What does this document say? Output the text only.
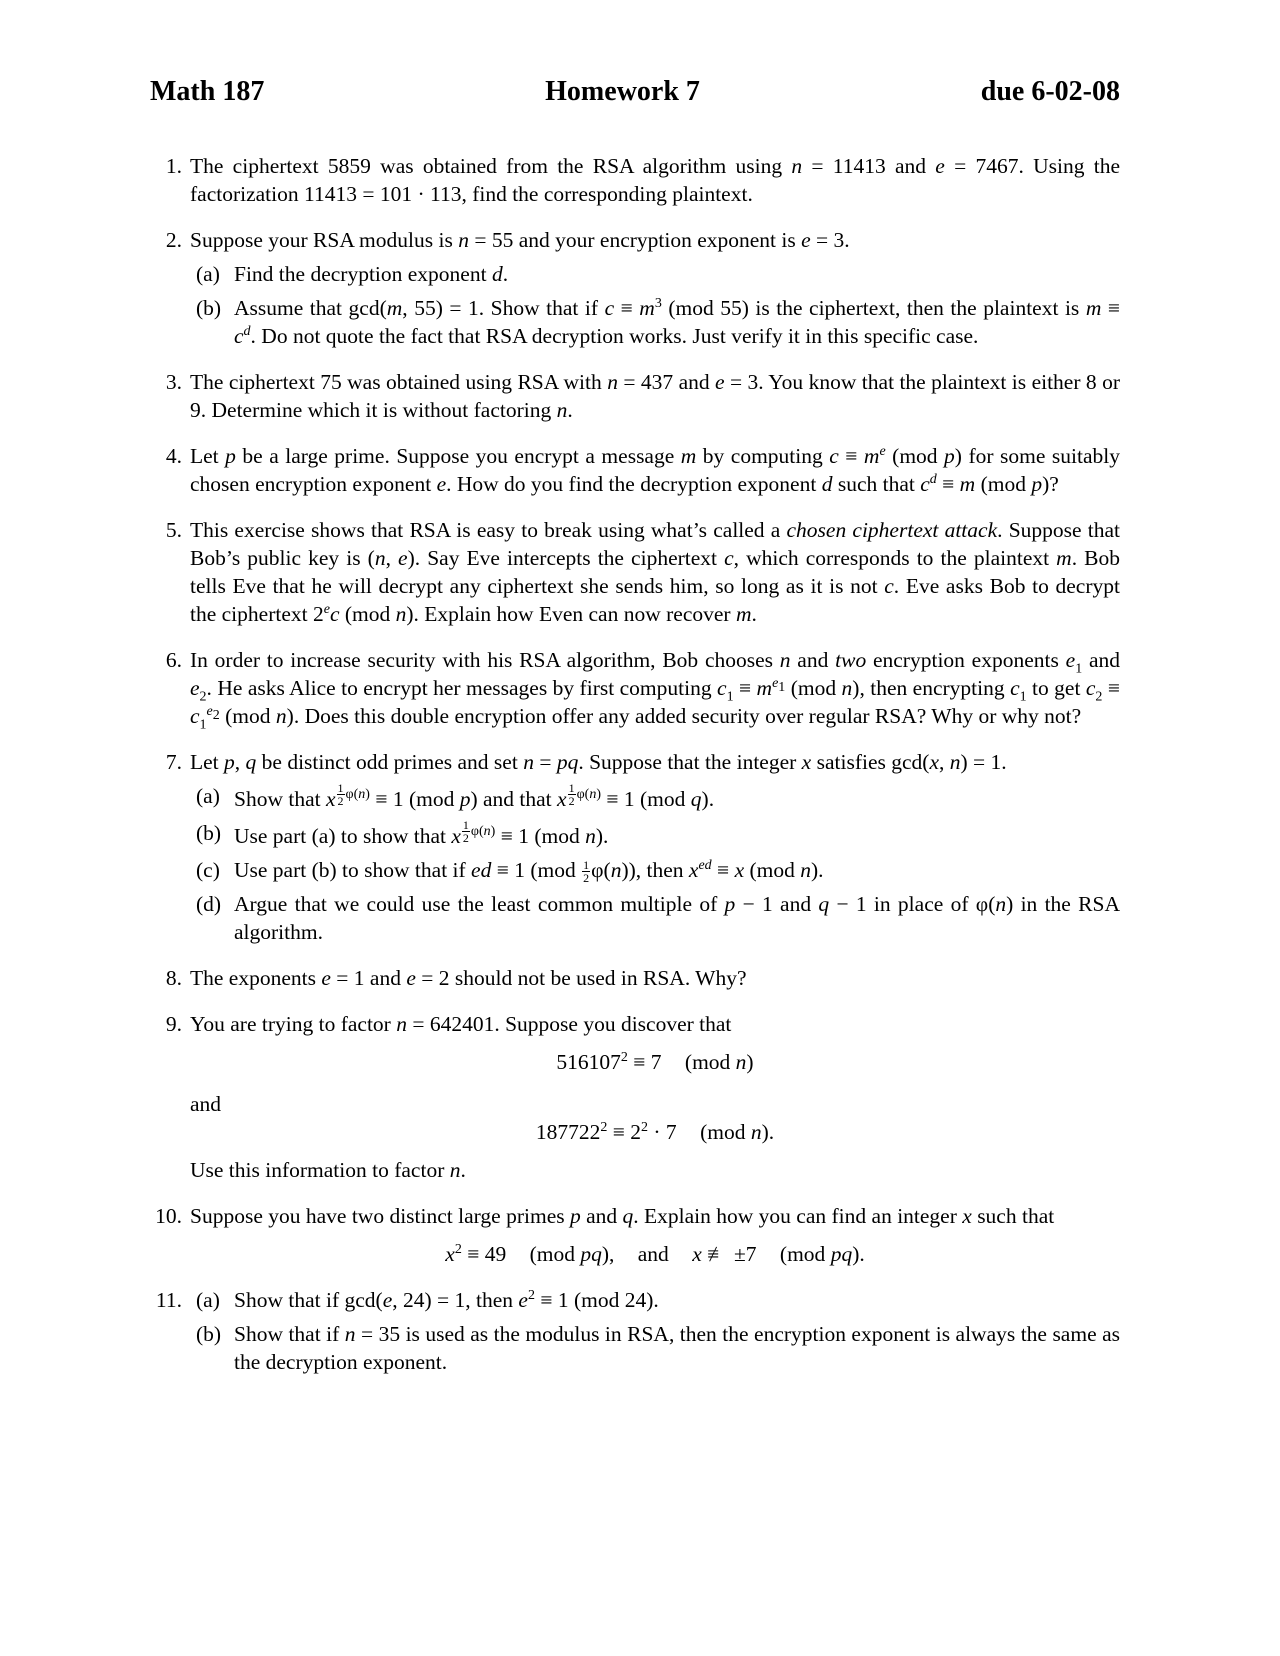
Math 187	Homework 7	due 6-02-08
1. The ciphertext 5859 was obtained from the RSA algorithm using n = 11413 and e = 7467. Using the factorization 11413 = 101 · 113, find the corresponding plaintext.
2. Suppose your RSA modulus is n = 55 and your encryption exponent is e = 3.
(a) Find the decryption exponent d.
(b) Assume that gcd(m, 55) = 1. Show that if $c \equiv m^3$ (mod 55) is the ciphertext, then the plaintext is $m \equiv c^d$. Do not quote the fact that RSA decryption works. Just verify it in this specific case.
3. The ciphertext 75 was obtained using RSA with n = 437 and e = 3. You know that the plaintext is either 8 or 9. Determine which it is without factoring n.
4. Let p be a large prime. Suppose you encrypt a message m by computing $c \equiv m^e$ (mod p) for some suitably chosen encryption exponent e. How do you find the decryption exponent d such that $c^d \equiv m$ (mod p)?
5. This exercise shows that RSA is easy to break using what’s called a chosen ciphertext attack. Suppose that Bob’s public key is (n, e). Say Eve intercepts the ciphertext c, which corresponds to the plaintext m. Bob tells Eve that he will decrypt any ciphertext she sends him, so long as it is not c. Eve asks Bob to decrypt the ciphertext 2ec (mod n). Explain how Even can now recover m.
6. In order to increase security with his RSA algorithm, Bob chooses n and two encryption exponents $e_1$ and $e_2$. He asks Alice to encrypt her messages by first computing $c_1 \equiv m^{e_1}$ (mod n), then encrypting $c_1$ to get $c_2 \equiv c_1^{e_2}$ (mod n). Does this double encryption offer any added security over regular RSA? Why or why not?
7. Let p, q be distinct odd primes and set n = pq. Suppose that the integer x satisfies gcd(x, n) = 1.
(a) Show that x $^{\frac{1}{2} \varphi(n)}$ ≡ 1 (mod p) and that x $^{\frac{1}{2} \varphi(n)}$ ≡ 1 (mod q).
(b) Use part (a) to show that x $^{\frac{1}{2} \varphi(n)}$ ≡ 1 (mod n).
(c) Use part (b) to show that if ed ≡ 1 $(mod \frac{1}{2} \varphi(n))$, then $x^{ed} \equiv x$ (mod n).
(d) Argue that we could use the least common multiple of p − 1 and q − 1 in place of φ(n) in the RSA algorithm.
8. The exponents e = 1 and e = 2 should not be used in RSA. Why?
9. You are trying to factor n = 642401. Suppose you discover that
$516107^2 \equiv 7$ (mod n)
and
$187722^2 \equiv 2^2 \cdot 7$ (mod n).
Use this information to factor n.
10. Suppose you have two distinct large primes p and q. Explain how you can find an integer x such that
$x^2 \equiv 49$ (mod pq), and x ≢ ±7 (mod pq).
11. (a) Show that if gcd(e, 24) = 1, then $e^2 \equiv 1$ (mod 24).
(b) Show that if n = 35 is used as the modulus in RSA, then the encryption exponent is always the same as the decryption exponent.
